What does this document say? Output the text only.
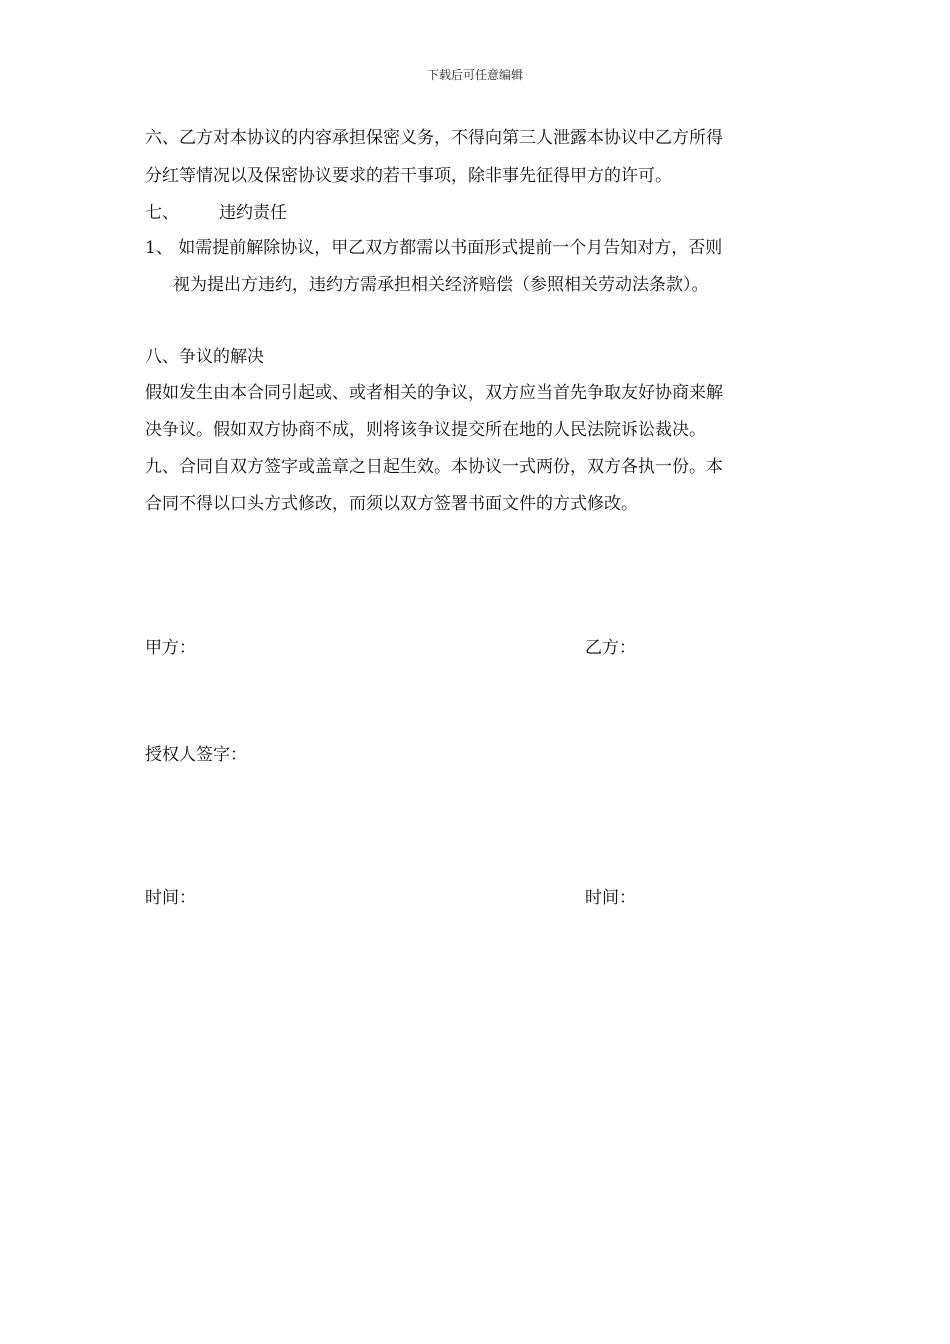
下载后可任意编辑
六、乙方对本协议的内容承担保密义务，不得向第三人泄露本协议中乙方所得
分红等情况以及保密协议要求的若干事项，除非事先征得甲方的许可。
七、 违约责任
1、 如需提前解除协议，甲乙双方都需以书面形式提前一个月告知对方，否则
视为提出方违约，违约方需承担相关经济赔偿（参照相关劳动法条款）。
八、争议的解决
假如发生由本合同引起或、或者相关的争议，双方应当首先争取友好协商来解
决争议。假如双方协商不成，则将该争议提交所在地的人民法院诉讼裁决。
九、合同自双方签字或盖章之日起生效。本协议一式两份，双方各执一份。本
合同不得以口头方式修改，而须以双方签署书面文件的方式修改。
甲方：	乙方：
授权人签字：
时间：	时间：
